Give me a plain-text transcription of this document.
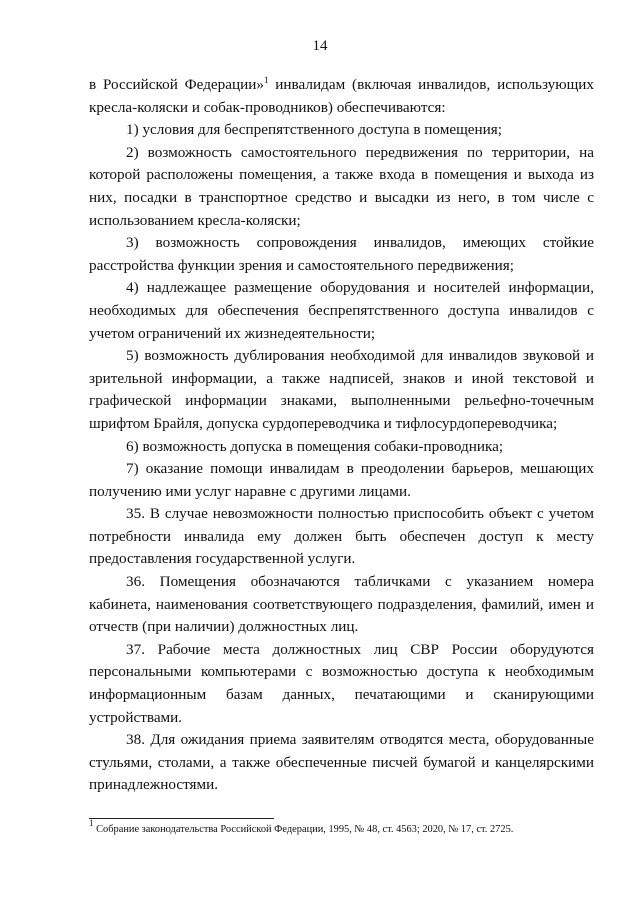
14

в Российской Федерации»$^1$ инвалидам (включая инвалидов, использующих кресла-коляски и собак-проводников) обеспечиваются:

1) условия для беспрепятственного доступа в помещения;

2) возможность самостоятельного передвижения по территории, на которой расположены помещения, а также входа в помещения и выхода из них, посадки в транспортное средство и высадки из него, в том числе с использованием кресла-коляски;

3) возможность сопровождения инвалидов, имеющих стойкие расстройства функции зрения и самостоятельного передвижения;

4) надлежащее размещение оборудования и носителей информации, необходимых для обеспечения беспрепятственного доступа инвалидов с учетом ограничений их жизнедеятельности;

5) возможность дублирования необходимой для инвалидов звуковой и зрительной информации, а также надписей, знаков и иной текстовой и графической информации знаками, выполненными рельефно-точечным шрифтом Брайля, допуска сурдопереводчика и тифлосурдопереводчика;

6) возможность допуска в помещения собаки-проводника;

7) оказание помощи инвалидам в преодолении барьеров, мешающих получению ими услуг наравне с другими лицами.

35. В случае невозможности полностью приспособить объект с учетом потребности инвалида ему должен быть обеспечен доступ к месту предоставления государственной услуги.

36. Помещения обозначаются табличками с указанием номера кабинета, наименования соответствующего подразделения, фамилий, имен и отчеств (при наличии) должностных лиц.

37. Рабочие места должностных лиц СВР России оборудуются персональными компьютерами с возможностью доступа к необходимым информационным базам данных, печатающими и сканирующими устройствами.

38. Для ожидания приема заявителям отводятся места, оборудованные стульями, столами, а также обеспеченные писчей бумагой и канцелярскими принадлежностями.

$^1$ Собрание законодательства Российской Федерации, 1995, № 48, ст. 4563; 2020, № 17, ст. 2725.
